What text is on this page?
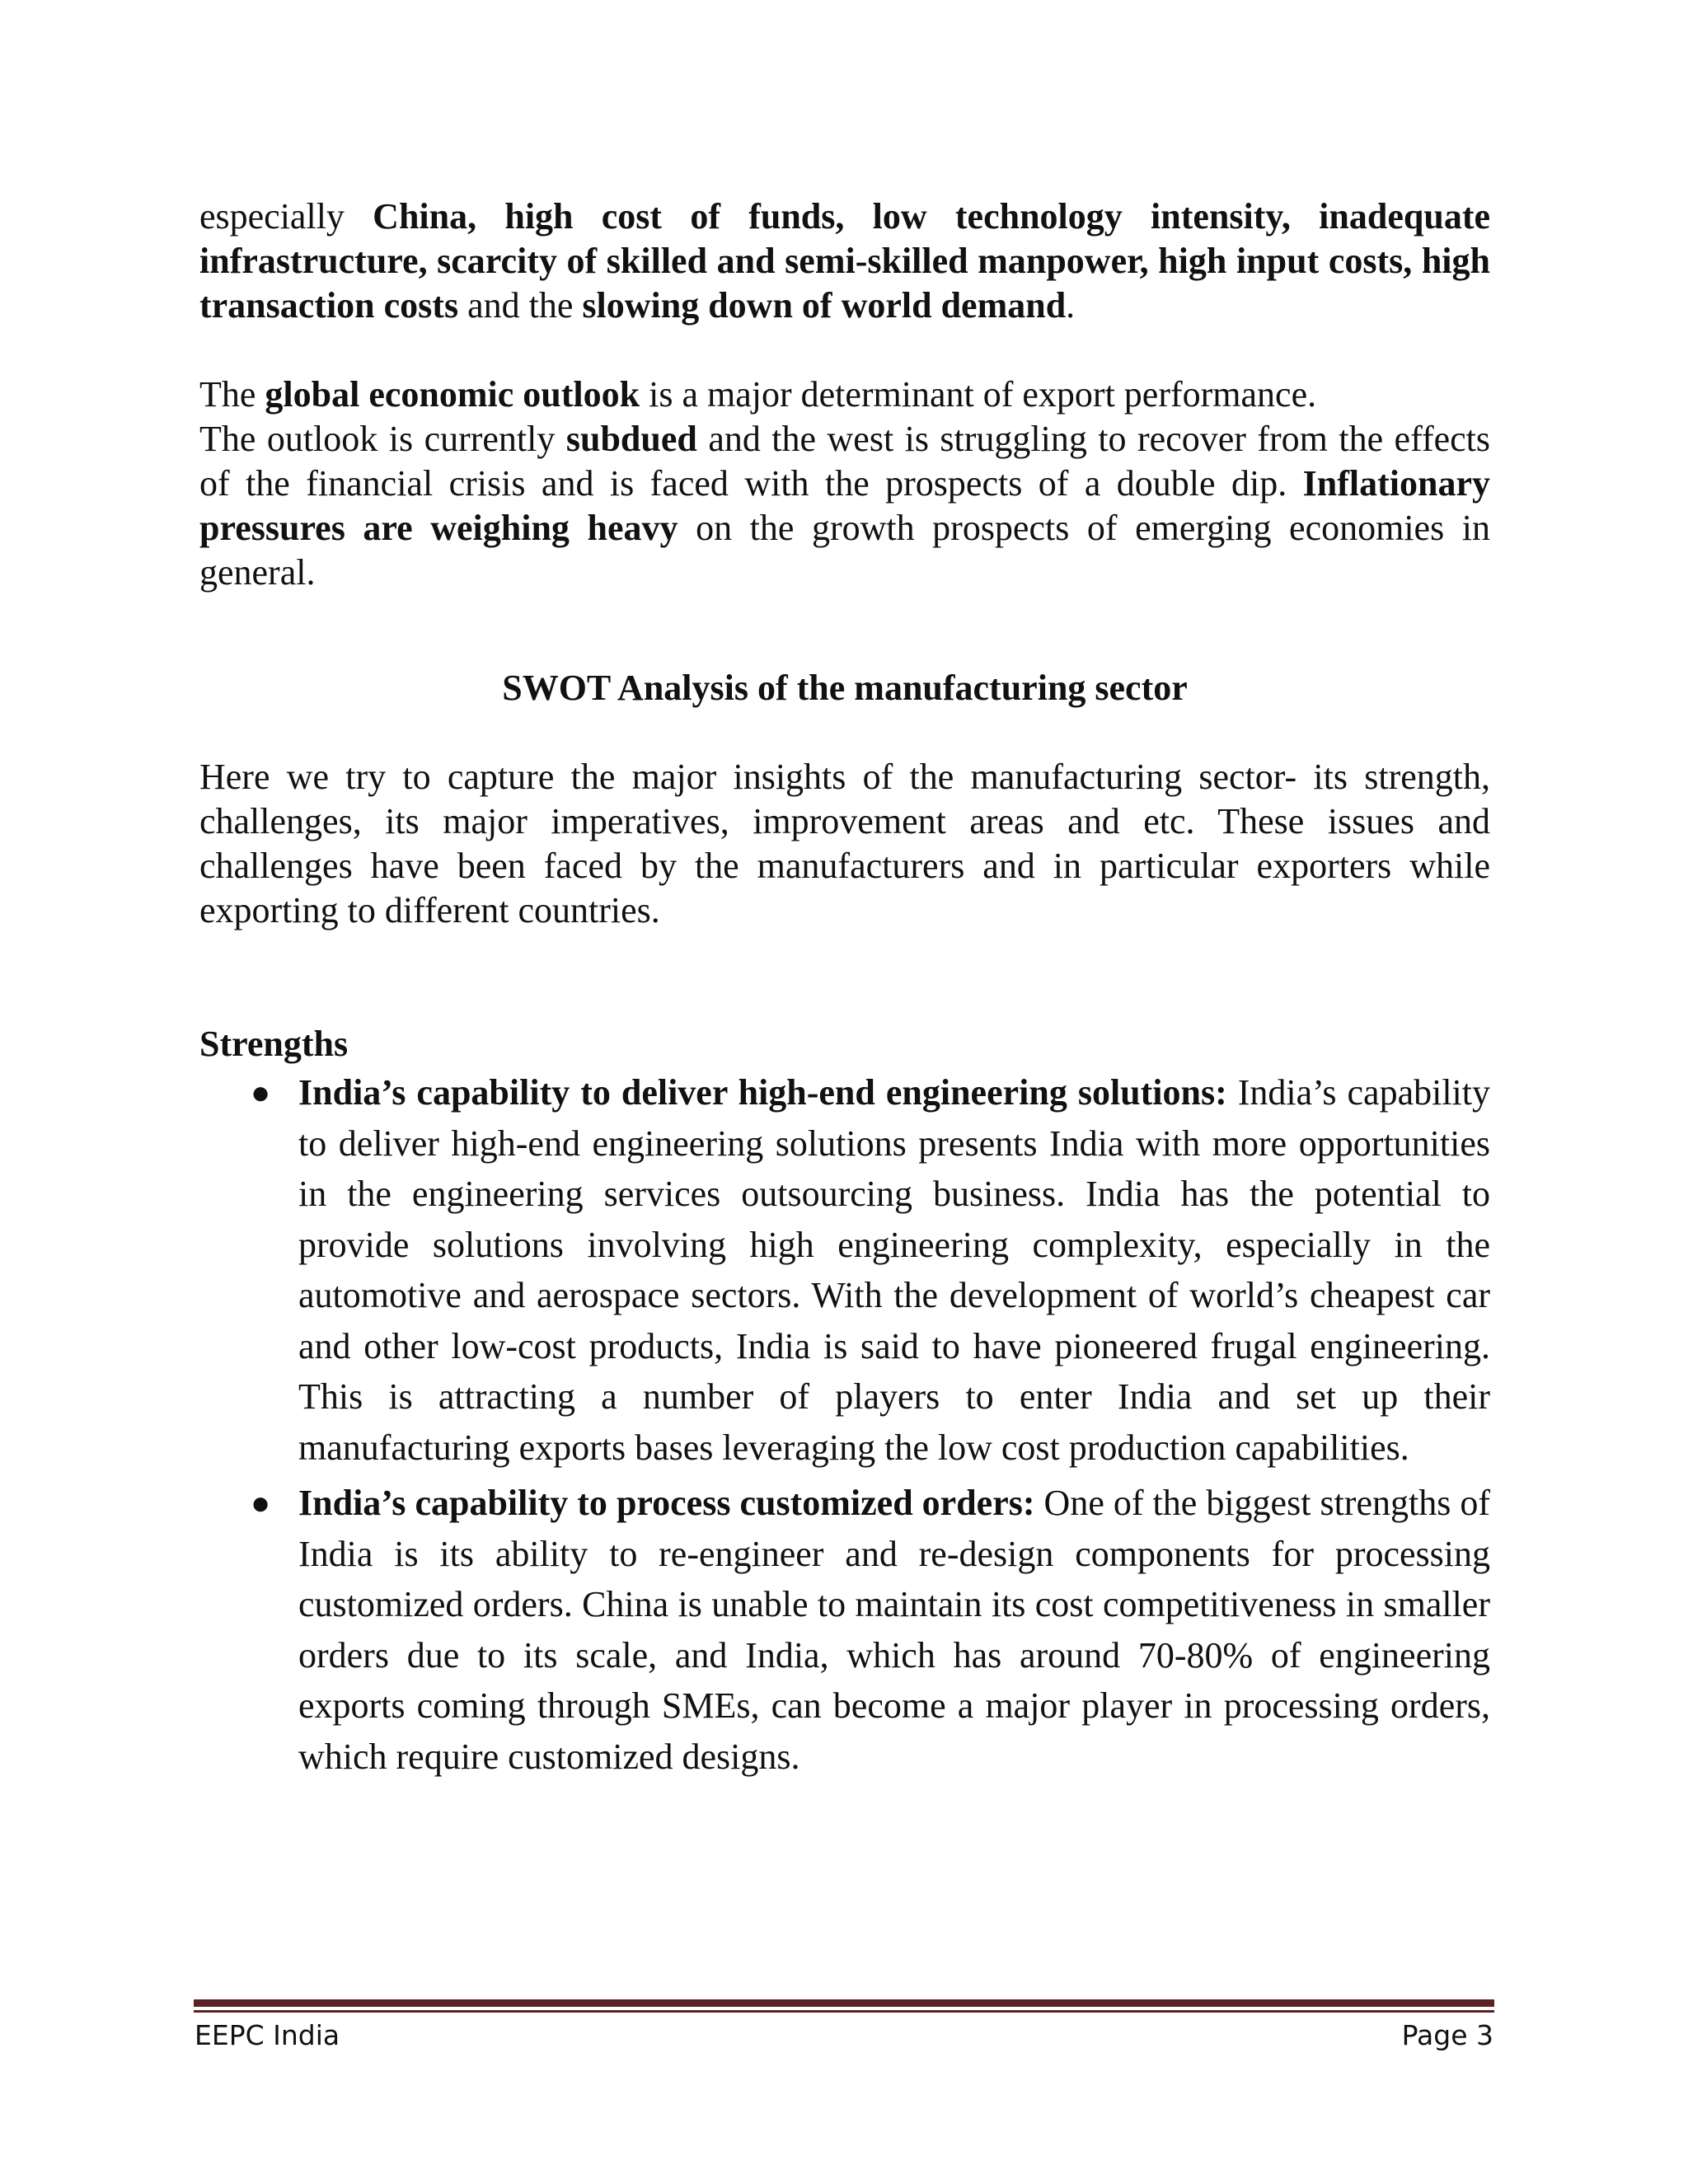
especially China, high cost of funds, low technology intensity, inadequate infrastructure, scarcity of skilled and semi-skilled manpower, high input costs, high transaction costs and the slowing down of world demand.

The global economic outlook is a major determinant of export performance.

The outlook is currently subdued and the west is struggling to recover from the effects of the financial crisis and is faced with the prospects of a double dip. Inflationary pressures are weighing heavy on the growth prospects of emerging economies in general.

SWOT Analysis of the manufacturing sector

Here we try to capture the major insights of the manufacturing sector- its strength, challenges, its major imperatives, improvement areas and etc. These issues and challenges have been faced by the manufacturers and in particular exporters while exporting to different countries.

Strengths
● India’s capability to deliver high-end engineering solutions: India’s capability to deliver high-end engineering solutions presents India with more opportunities in the engineering services outsourcing business. India has the potential to provide solutions involving high engineering complexity, especially in the automotive and aerospace sectors. With the development of world’s cheapest car and other low-cost products, India is said to have pioneered frugal engineering. This is attracting a number of players to enter India and set up their manufacturing exports bases leveraging the low cost production capabilities.
● India’s capability to process customized orders: One of the biggest strengths of India is its ability to re-engineer and re-design components for processing customized orders. China is unable to maintain its cost competitiveness in smaller orders due to its scale, and India, which has around 70-80% of engineering exports coming through SMEs, can become a major player in processing orders, which require customized designs.
EEPC India	Page 3
